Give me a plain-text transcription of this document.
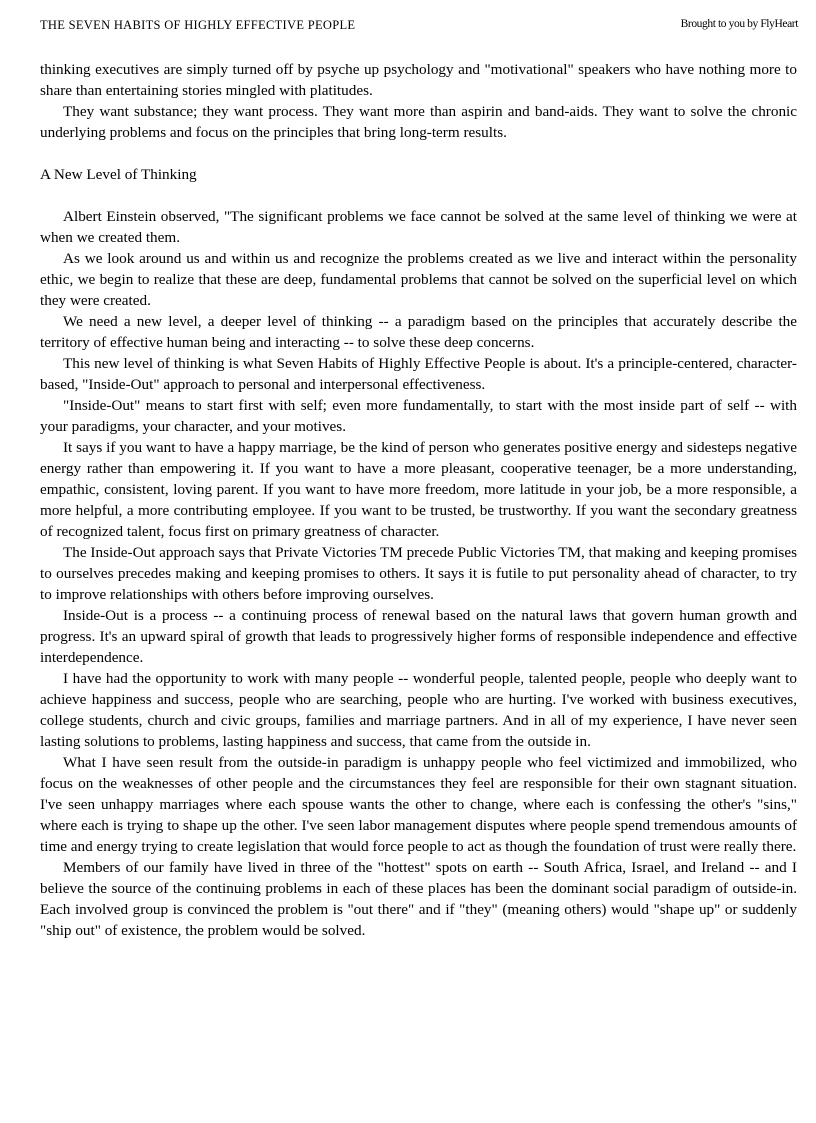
THE SEVEN HABITS OF HIGHLY EFFECTIVE PEOPLE	Brought to you by FlyHeart

thinking executives are simply turned off by psyche up psychology and "motivational" speakers who have nothing more to share than entertaining stories mingled with platitudes.

They want substance; they want process. They want more than aspirin and band-aids. They want to solve the chronic underlying problems and focus on the principles that bring long-term results.

A New Level of Thinking

Albert Einstein observed, "The significant problems we face cannot be solved at the same level of thinking we were at when we created them.

As we look around us and within us and recognize the problems created as we live and interact within the personality ethic, we begin to realize that these are deep, fundamental problems that cannot be solved on the superficial level on which they were created.

We need a new level, a deeper level of thinking -- a paradigm based on the principles that accurately describe the territory of effective human being and interacting -- to solve these deep concerns.

This new level of thinking is what Seven Habits of Highly Effective People is about. It's a principle-centered, character-based, "Inside-Out" approach to personal and interpersonal effectiveness.

"Inside-Out" means to start first with self; even more fundamentally, to start with the most inside part of self -- with your paradigms, your character, and your motives.

It says if you want to have a happy marriage, be the kind of person who generates positive energy and sidesteps negative energy rather than empowering it. If you want to have a more pleasant, cooperative teenager, be a more understanding, empathic, consistent, loving parent. If you want to have more freedom, more latitude in your job, be a more responsible, a more helpful, a more contributing employee. If you want to be trusted, be trustworthy. If you want the secondary greatness of recognized talent, focus first on primary greatness of character.

The Inside-Out approach says that Private Victories TM precede Public Victories TM, that making and keeping promises to ourselves precedes making and keeping promises to others. It says it is futile to put personality ahead of character, to try to improve relationships with others before improving ourselves.

Inside-Out is a process -- a continuing process of renewal based on the natural laws that govern human growth and progress. It's an upward spiral of growth that leads to progressively higher forms of responsible independence and effective interdependence.

I have had the opportunity to work with many people -- wonderful people, talented people, people who deeply want to achieve happiness and success, people who are searching, people who are hurting. I've worked with business executives, college students, church and civic groups, families and marriage partners. And in all of my experience, I have never seen lasting solutions to problems, lasting happiness and success, that came from the outside in.

What I have seen result from the outside-in paradigm is unhappy people who feel victimized and immobilized, who focus on the weaknesses of other people and the circumstances they feel are responsible for their own stagnant situation. I've seen unhappy marriages where each spouse wants the other to change, where each is confessing the other's "sins," where each is trying to shape up the other. I've seen labor management disputes where people spend tremendous amounts of time and energy trying to create legislation that would force people to act as though the foundation of trust were really there.

Members of our family have lived in three of the "hottest" spots on earth -- South Africa, Israel, and Ireland -- and I believe the source of the continuing problems in each of these places has been the dominant social paradigm of outside-in. Each involved group is convinced the problem is "out there" and if "they" (meaning others) would "shape up" or suddenly "ship out" of existence, the problem would be solved.
